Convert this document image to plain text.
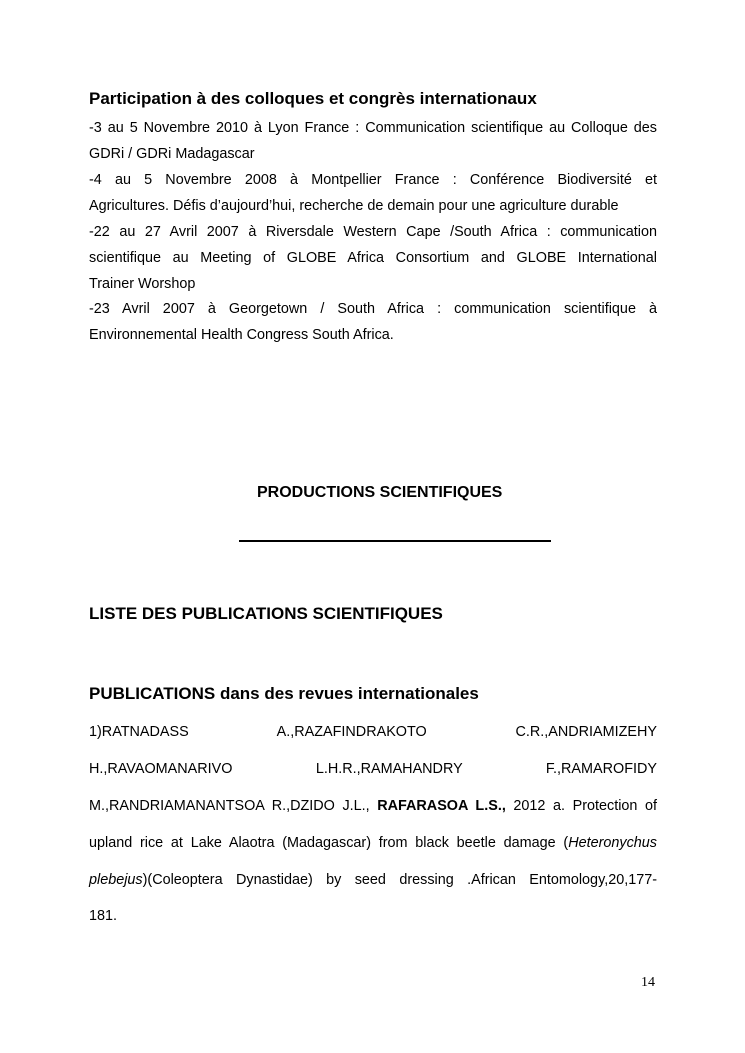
Participation à des colloques et congrès internationaux
-3 au 5 Novembre 2010 à Lyon France : Communication scientifique au Colloque des
GDRi / GDRi Madagascar
-4 au 5 Novembre 2008 à Montpellier France : Conférence Biodiversité et
Agricultures. Défis d’aujourd’hui, recherche de demain pour une agriculture durable
-22 au 27 Avril 2007 à Riversdale Western Cape /South Africa : communication
scientifique au Meeting of GLOBE Africa Consortium and GLOBE International
Trainer Worshop
-23 Avril 2007 à Georgetown / South Africa : communication scientifique à
Environnemental Health Congress South Africa.
PRODUCTIONS SCIENTIFIQUES
LISTE DES PUBLICATIONS SCIENTIFIQUES
PUBLICATIONS dans des revues internationales
1)RATNADASS A.,RAZAFINDRAKOTO C.R.,ANDRIAMIZEHY
H.,RAVAOMANARIVO L.H.R.,RAMAHANDRY F.,RAMAROFIDY
M.,RANDRIAMANANTSOA R.,DZIDO J.L., RAFARASOA L.S., 2012 a. Protection of
upland rice at Lake Alaotra (Madagascar) from black beetle damage (Heteronychus
plebejus)(Coleoptera Dynastidae) by seed dressing .African Entomology,20,177-
181.
14
